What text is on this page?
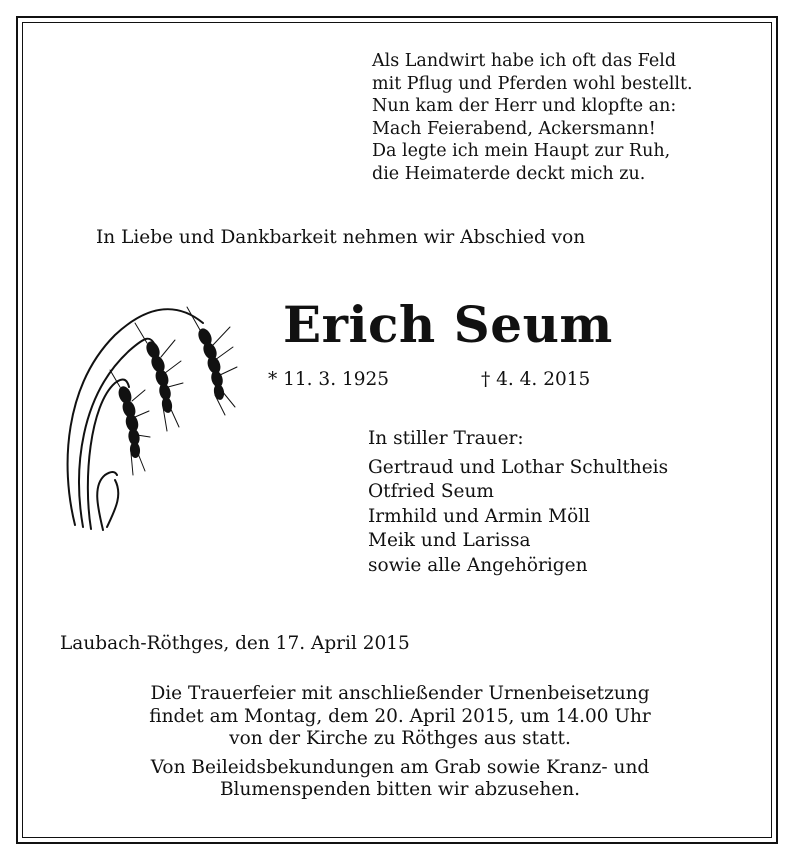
Als Landwirt habe ich oft das Feld
mit Pflug und Pferden wohl bestellt.
Nun kam der Herr und klopfte an:
Mach Feierabend, Ackersmann!
Da legte ich mein Haupt zur Ruh,
die Heimaterde deckt mich zu.
In Liebe und Dankbarkeit nehmen wir Abschied von
Erich Seum
* 11. 3. 1925	† 4. 4. 2015
In stiller Trauer:
Gertraud und Lothar Schultheis
Otfried Seum
Irmhild und Armin Möll
Meik und Larissa
sowie alle Angehörigen
Laubach-Röthges, den 17. April 2015
Die Trauerfeier mit anschließender Urnenbeisetzung
findet am Montag, dem 20. April 2015, um 14.00 Uhr
von der Kirche zu Röthges aus statt.
Von Beileidsbekundungen am Grab sowie Kranz- und
Blumenspenden bitten wir abzusehen.
